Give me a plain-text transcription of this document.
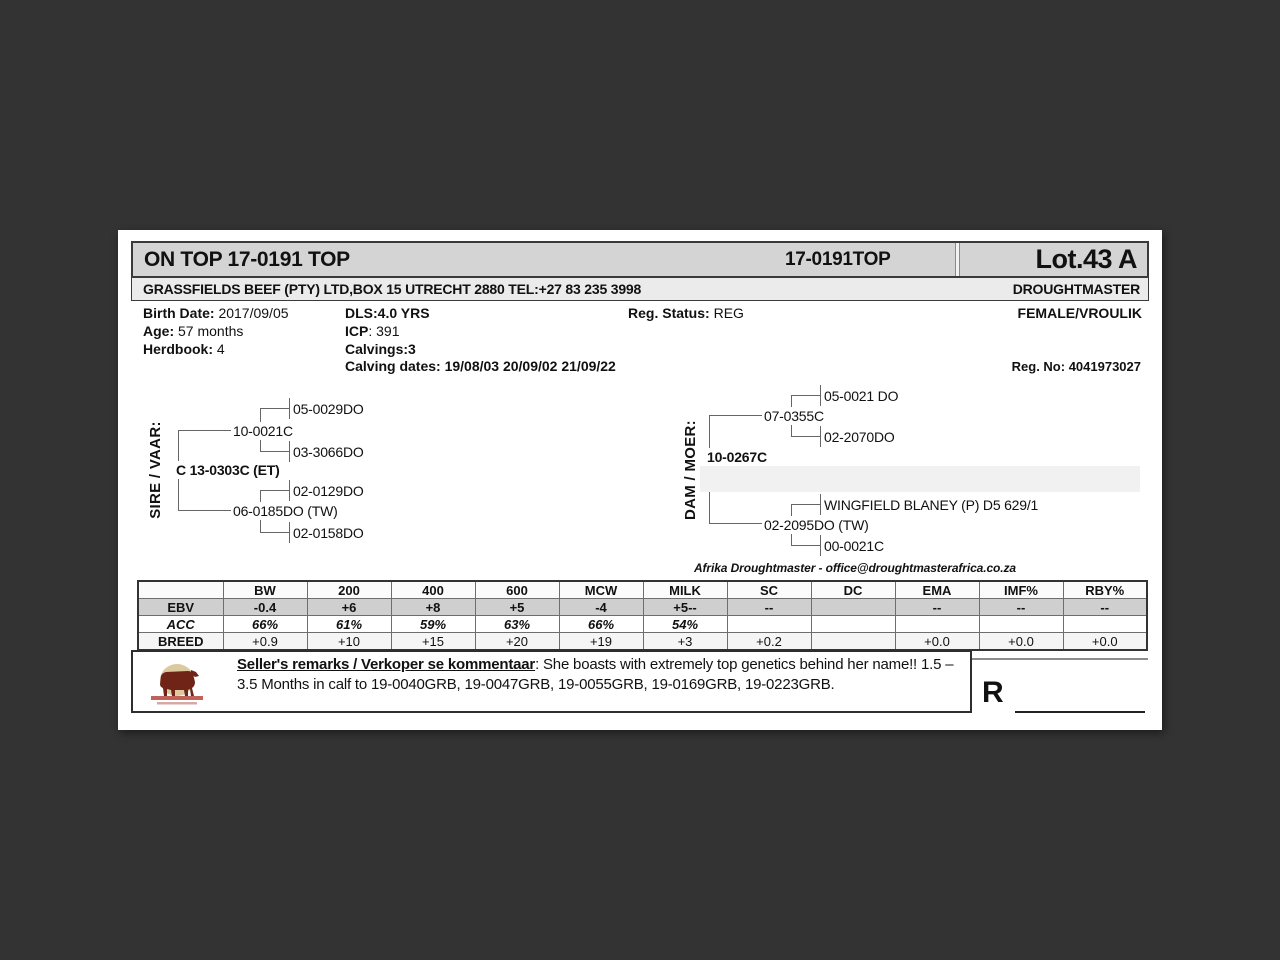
ON TOP 17-0191 TOP	17-0191TOP	Lot.43 A
GRASSFIELDS BEEF (PTY) LTD,BOX 15 UTRECHT 2880 TEL:+27 83 235 3998	DROUGHTMASTER
Birth Date: 2017/09/05
Age: 57 months
Herdbook: 4
DLS:4.0 YRS
ICP: 391
Calvings:3
Calving dates: 19/08/03 20/09/02 21/09/22
Reg. Status: REG	FEMALE/VROULIK
Reg. No: 4041973027
SIRE / VAAR: C 13-0303C (ET)
10-0021C
06-0185DO (TW)
05-0029DO
03-3066DO
02-0129DO
02-0158DO
DAM / MOER: 10-0267C
07-0355C
02-2095DO (TW)
05-0021 DO
02-2070DO
WINGFIELD BLANEY (P) D5 629/1
00-0021C
Afrika Droughtmaster - office@droughtmasterafrica.co.za
	BW	200	400	600	MCW	MILK	SC	DC	EMA	IMF%	RBY%
EBV	-0.4	+6	+8	+5	-4	+5--	--		--	--	--
ACC	66%	61%	59%	63%	66%	54%					
BREED	+0.9	+10	+15	+20	+19	+3	+0.2		+0.0	+0.0	+0.0
Seller's remarks / Verkoper se kommentaar: She boasts with extremely top genetics behind her name!! 1.5 – 3.5 Months in calf to 19-0040GRB, 19-0047GRB, 19-0055GRB, 19-0169GRB, 19-0223GRB.	R
